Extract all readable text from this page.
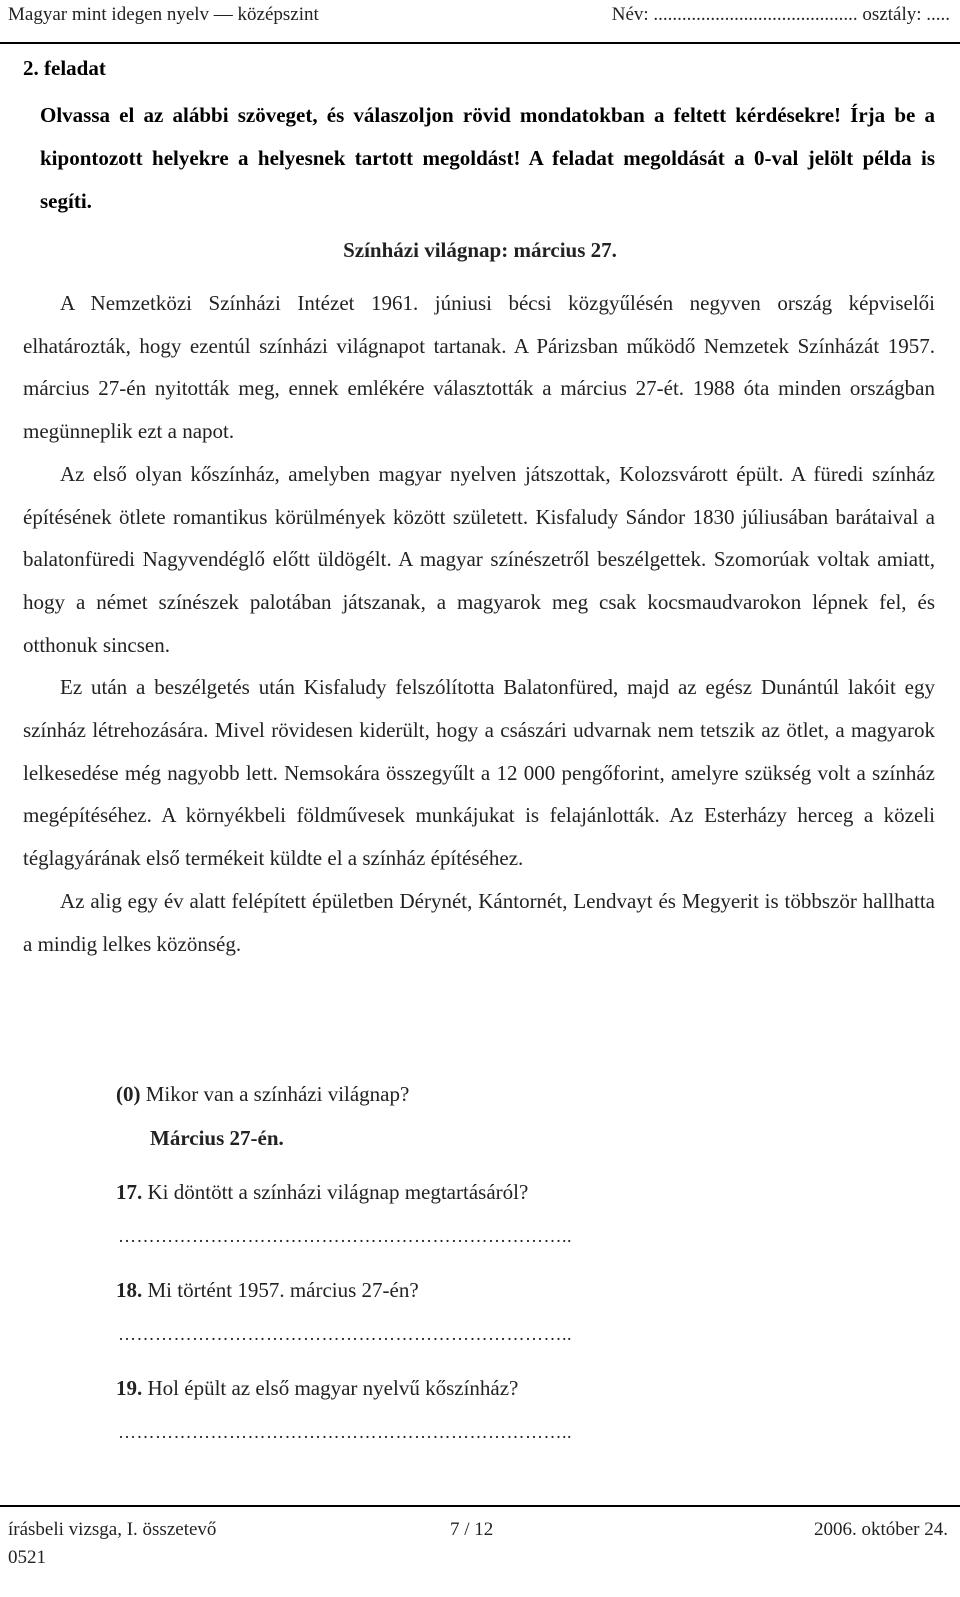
Magyar mint idegen nyelv — középszint	Név: ........................................... osztály: .....
2. feladat
Olvassa el az alábbi szöveget, és válaszoljon rövid mondatokban a feltett kérdésekre! Írja be a kipontozott helyekre a helyesnek tartott megoldást! A feladat megoldását a 0-val jelölt példa is segíti.
Színházi világnap: március 27.

A Nemzetközi Színházi Intézet 1961. júniusi bécsi közgyűlésén negyven ország képviselői elhatározták, hogy ezentúl színházi világnapot tartanak. A Párizsban működő Nemzetek Színházát 1957. március 27-én nyitották meg, ennek emlékére választották a március 27-ét. 1988 óta minden országban megünneplik ezt a napot.

Az első olyan kőszínház, amelyben magyar nyelven játszottak, Kolozsvárott épült. A füredi színház építésének ötlete romantikus körülmények között született. Kisfaludy Sándor 1830 júliusában barátaival a balatonfüredi Nagyvendéglő előtt üldögélt. A magyar színészetről beszélgettek. Szomorúak voltak amiatt, hogy a német színészek palotában játszanak, a magyarok meg csak kocsmaudvarokon lépnek fel, és otthonuk sincsen.

Ez után a beszélgetés után Kisfaludy felszólította Balatonfüred, majd az egész Dunántúl lakóit egy színház létrehozására. Mivel rövidesen kiderült, hogy a császári udvarnak nem tetszik az ötlet, a magyarok lelkesedése még nagyobb lett. Nemsokára összegyűlt a 12 000 pengőforint, amelyre szükség volt a színház megépítéséhez. A környékbeli földművesek munkájukat is felajánlották. Az Esterházy herceg a közeli téglagyárának első termékeit küldte el a színház építéséhez.

Az alig egy év alatt felépített épületben Dérynét, Kántornét, Lendvayt és Megyerit is többször hallhatta a mindig lelkes közönség.

(0) Mikor van a színházi világnap?
Március 27-én.
17. Ki döntött a színházi világnap megtartásáról?
………………………………………………………………..
18. Mi történt 1957. március 27-én?
………………………………………………………………..
19. Hol épült az első magyar nyelvű kőszínház?
………………………………………………………………..
írásbeli vizsga, I. összetevő
0521
7 / 12	2006. október 24.
